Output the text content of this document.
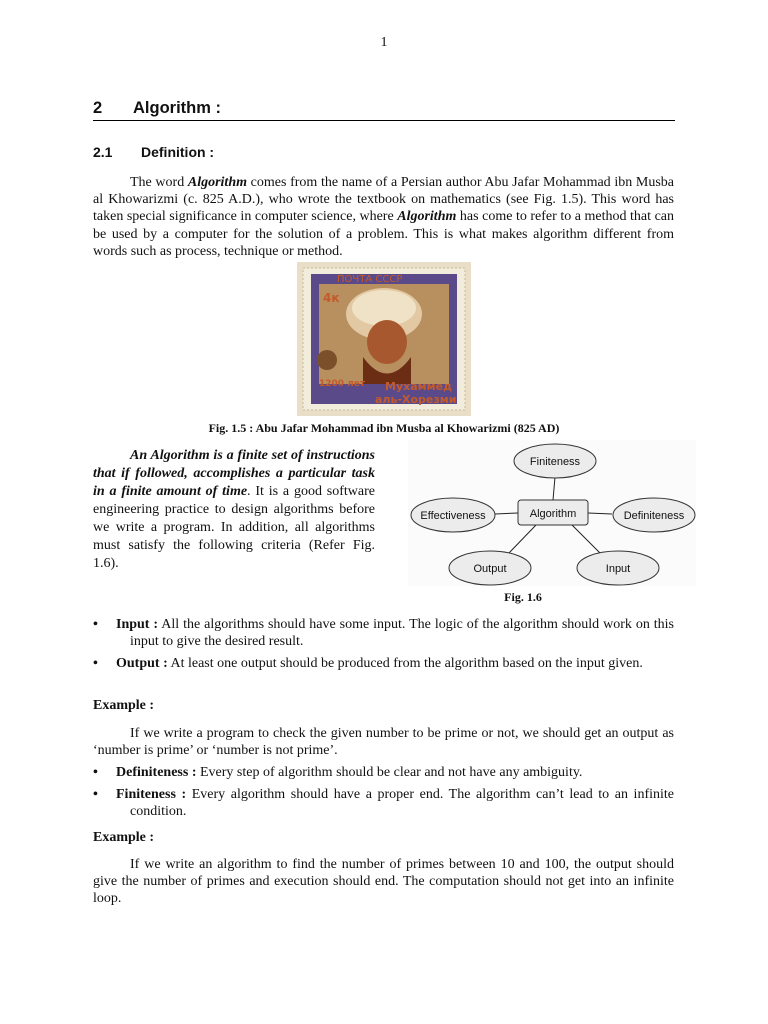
1
2 Algorithm :
2.1 Definition :
The word Algorithm comes from the name of a Persian author Abu Jafar Mohammad ibn Musba al Khowarizmi (c. 825 A.D.), who wrote the textbook on mathematics (see Fig. 1.5). This word has taken special significance in computer science, where Algorithm has come to refer to a method that can be used by a computer for the solution of a problem. This is what makes algorithm different from words such as process, technique or method.
ПОЧТА СССР
4к
1200 лет Мухаммед
аль-Хорезми
Fig. 1.5 : Abu Jafar Mohammad ibn Musba al Khowarizmi (825 AD)
An Algorithm is a finite set of instructions that if followed, accomplishes a particular task in a finite amount of time. It is a good software engineering practice to design algorithms before we write a program. In addition, all algorithms must satisfy the following criteria (Refer Fig. 1.6).
Finiteness
Effectiveness	Definiteness
Output	Input
Algorithm
Fig. 1.6
• Input : All the algorithms should have some input. The logic of the algorithm should work on this input to give the desired result.
• Output : At least one output should be produced from the algorithm based on the input given.
Example :
If we write a program to check the given number to be prime or not, we should get an output as ‘number is prime’ or ‘number is not prime’.
• Definiteness : Every step of algorithm should be clear and not have any ambiguity.
• Finiteness : Every algorithm should have a proper end. The algorithm can’t lead to an infinite condition.
Example :
If we write an algorithm to find the number of primes between 10 and 100, the output should give the number of primes and execution should end. The computation should not get into an infinite loop.
